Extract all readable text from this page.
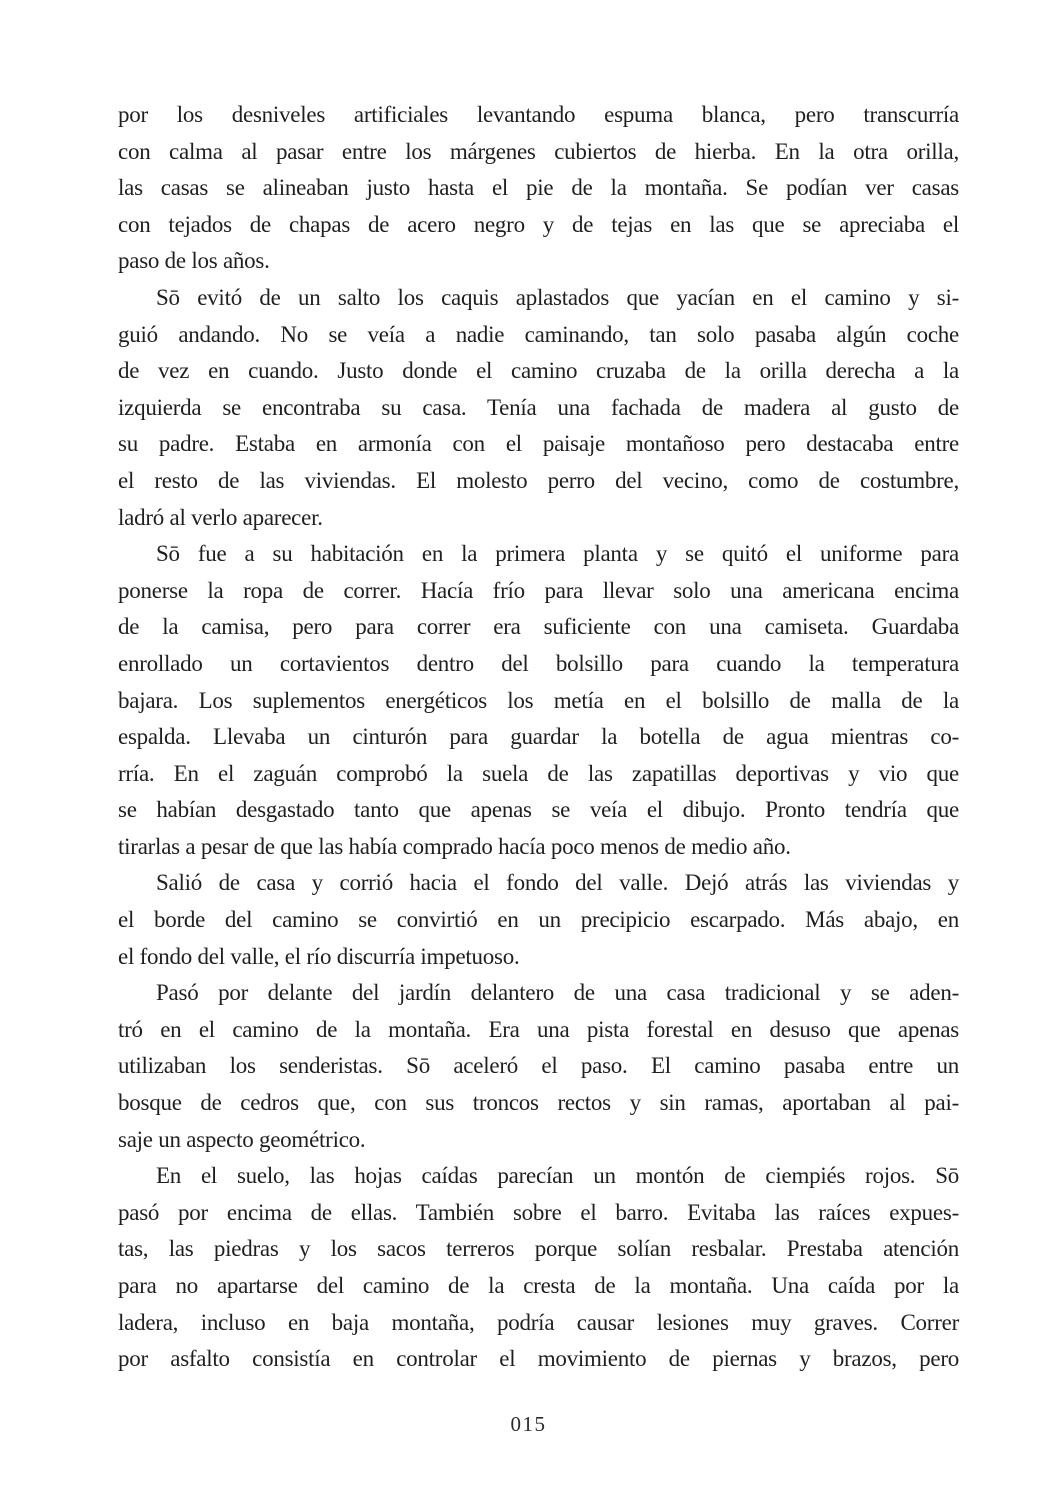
por los desniveles artificiales levantando espuma blanca, pero transcurría
con calma al pasar entre los márgenes cubiertos de hierba. En la otra orilla,
las casas se alineaban justo hasta el pie de la montaña. Se podían ver casas
con tejados de chapas de acero negro y de tejas en las que se apreciaba el
paso de los años.
Sō evitó de un salto los caquis aplastados que yacían en el camino y si-
guió andando. No se veía a nadie caminando, tan solo pasaba algún coche
de vez en cuando. Justo donde el camino cruzaba de la orilla derecha a la
izquierda se encontraba su casa. Tenía una fachada de madera al gusto de
su padre. Estaba en armonía con el paisaje montañoso pero destacaba entre
el resto de las viviendas. El molesto perro del vecino, como de costumbre,
ladró al verlo aparecer.
Sō fue a su habitación en la primera planta y se quitó el uniforme para
ponerse la ropa de correr. Hacía frío para llevar solo una americana encima
de la camisa, pero para correr era suficiente con una camiseta. Guardaba
enrollado un cortavientos dentro del bolsillo para cuando la temperatura
bajara. Los suplementos energéticos los metía en el bolsillo de malla de la
espalda. Llevaba un cinturón para guardar la botella de agua mientras co-
rría. En el zaguán comprobó la suela de las zapatillas deportivas y vio que
se habían desgastado tanto que apenas se veía el dibujo. Pronto tendría que
tirarlas a pesar de que las había comprado hacía poco menos de medio año.
Salió de casa y corrió hacia el fondo del valle. Dejó atrás las viviendas y
el borde del camino se convirtió en un precipicio escarpado. Más abajo, en
el fondo del valle, el río discurría impetuoso.
Pasó por delante del jardín delantero de una casa tradicional y se aden-
tró en el camino de la montaña. Era una pista forestal en desuso que apenas
utilizaban los senderistas. Sō aceleró el paso. El camino pasaba entre un
bosque de cedros que, con sus troncos rectos y sin ramas, aportaban al pai-
saje un aspecto geométrico.
En el suelo, las hojas caídas parecían un montón de ciempiés rojos. Sō
pasó por encima de ellas. También sobre el barro. Evitaba las raíces expues-
tas, las piedras y los sacos terreros porque solían resbalar. Prestaba atención
para no apartarse del camino de la cresta de la montaña. Una caída por la
ladera, incluso en baja montaña, podría causar lesiones muy graves. Correr
por asfalto consistía en controlar el movimiento de piernas y brazos, pero
015
